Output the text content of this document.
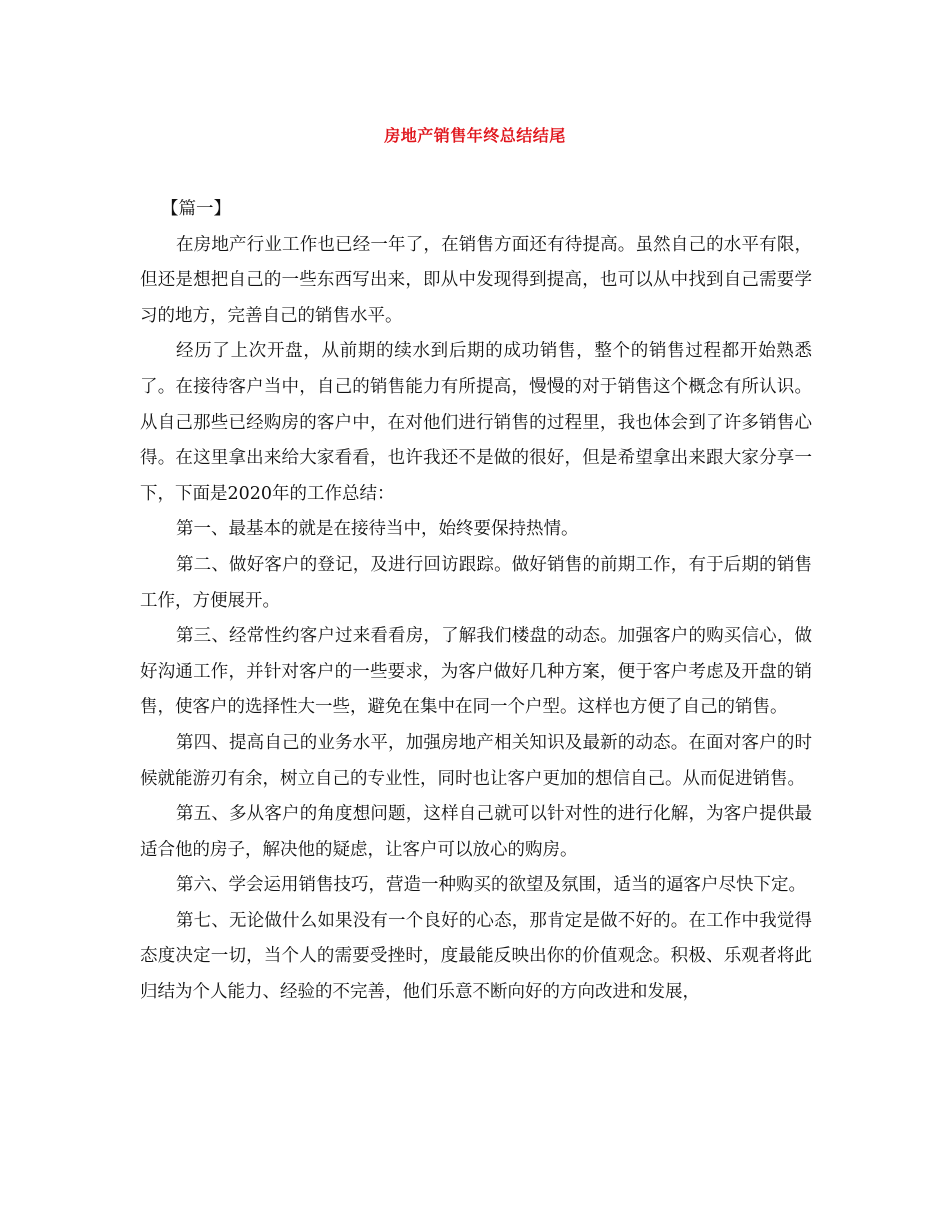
房地产销售年终总结结尾

【篇一】

在房地产行业工作也已经一年了，在销售方面还有待提高。虽然自己的水平有限，但还是想把自己的一些东西写出来，即从中发现得到提高，也可以从中找到自己需要学习的地方，完善自己的销售水平。

经历了上次开盘，从前期的续水到后期的成功销售，整个的销售过程都开始熟悉了。在接待客户当中，自己的销售能力有所提高，慢慢的对于销售这个概念有所认识。从自己那些已经购房的客户中，在对他们进行销售的过程里，我也体会到了许多销售心得。在这里拿出来给大家看看，也许我还不是做的很好，但是希望拿出来跟大家分享一下，下面是2020年的工作总结：

第一、最基本的就是在接待当中，始终要保持热情。

第二、做好客户的登记，及进行回访跟踪。做好销售的前期工作，有于后期的销售工作，方便展开。

第三、经常性约客户过来看看房，了解我们楼盘的动态。加强客户的购买信心，做好沟通工作，并针对客户的一些要求，为客户做好几种方案，便于客户考虑及开盘的销售，使客户的选择性大一些，避免在集中在同一个户型。这样也方便了自己的销售。

第四、提高自己的业务水平，加强房地产相关知识及最新的动态。在面对客户的时候就能游刃有余，树立自己的专业性，同时也让客户更加的想信自己。从而促进销售。

第五、多从客户的角度想问题，这样自己就可以针对性的进行化解，为客户提供最适合他的房子，解决他的疑虑，让客户可以放心的购房。

第六、学会运用销售技巧，营造一种购买的欲望及氛围，适当的逼客户尽快下定。

第七、无论做什么如果没有一个良好的心态，那肯定是做不好的。在工作中我觉得态度决定一切，当个人的需要受挫时，度最能反映出你的价值观念。积极、乐观者将此归结为个人能力、经验的不完善，他们乐意不断向好的方向改进和发展，
